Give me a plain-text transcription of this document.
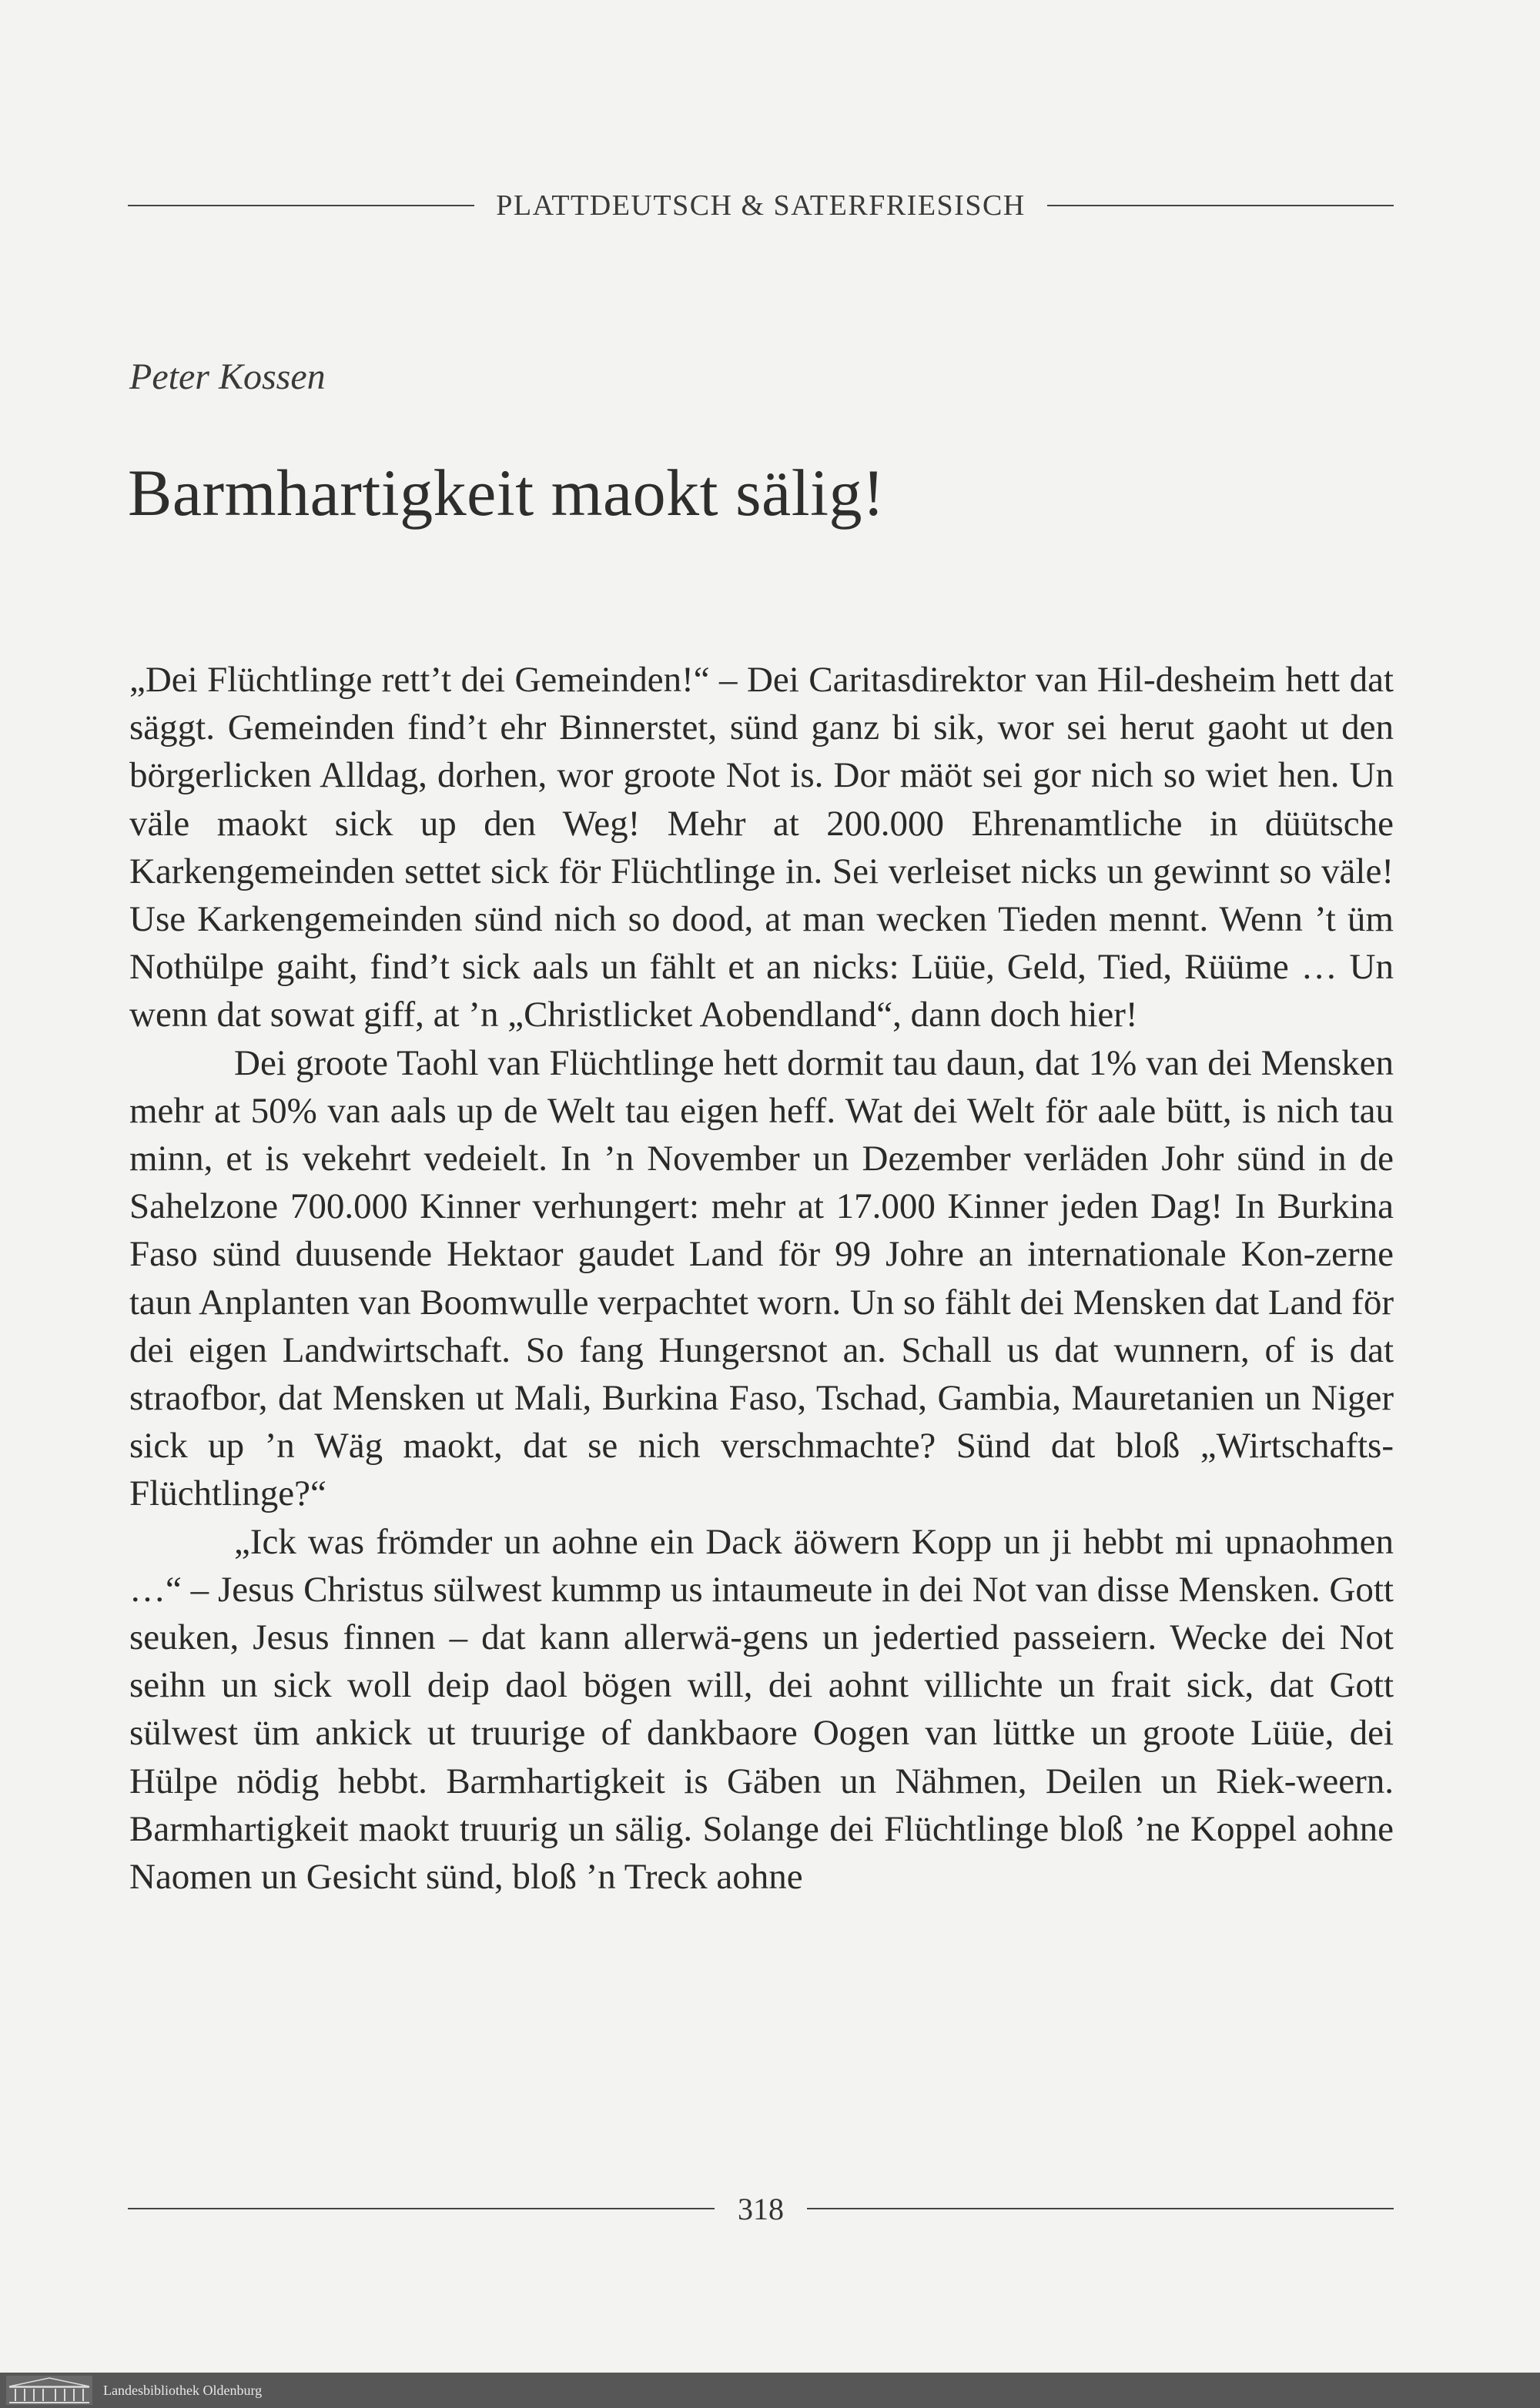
PLATTDEUTSCH & SATERFRIESISCH
Peter Kossen
Barmhartigkeit maokt sälig!

„Dei Flüchtlinge rett’t dei Gemeinden!“ – Dei Caritasdirektor van Hil-desheim hett dat säggt. Gemeinden find’t ehr Binnerstet, sünd ganz bi sik, wor sei herut gaoht ut den börgerlicken Alldag, dorhen, wor groote Not is. Dor mäöt sei gor nich so wiet hen. Un väle maokt sick up den Weg! Mehr at 200.000 Ehrenamtliche in düütsche Karkengemeinden settet sick för Flüchtlinge in. Sei verleiset nicks un gewinnt so väle! Use Karkengemeinden sünd nich so dood, at man wecken Tieden mennt. Wenn ’t üm Nothülpe gaiht, find’t sick aals un fählt et an nicks: Lüüe, Geld, Tied, Rüüme … Un wenn dat sowat giff, at ’n „Christlicket Aobendland“, dann doch hier!

Dei groote Taohl van Flüchtlinge hett dormit tau daun, dat 1% van dei Mensken mehr at 50% van aals up de Welt tau eigen heff. Wat dei Welt för aale bütt, is nich tau minn, et is vekehrt vedeielt. In ’n November un Dezember verläden Johr sünd in de Sahelzone 700.000 Kinner verhungert: mehr at 17.000 Kinner jeden Dag! In Burkina Faso sünd duusende Hektaor gaudet Land för 99 Johre an internationale Kon-zerne taun Anplanten van Boomwulle verpachtet worn. Un so fählt dei Mensken dat Land för dei eigen Landwirtschaft. So fang Hungersnot an. Schall us dat wunnern, of is dat straofbor, dat Mensken ut Mali, Burkina Faso, Tschad, Gambia, Mauretanien un Niger sick up ’n Wäg maokt, dat se nich verschmachte? Sünd dat bloß „Wirtschafts-Flüchtlinge?“

„Ick was frömder un aohne ein Dack äöwern Kopp un ji hebbt mi upnaohmen …“ – Jesus Christus sülwest kummp us intaumeute in dei Not van disse Mensken. Gott seuken, Jesus finnen – dat kann allerwä-gens un jedertied passeiern. Wecke dei Not seihn un sick woll deip daol bögen will, dei aohnt villichte un frait sick, dat Gott sülwest üm ankick ut truurige of dankbaore Oogen van lüttke un groote Lüüe, dei Hülpe nödig hebbt. Barmhartigkeit is Gäben un Nähmen, Deilen un Riek-weern. Barmhartigkeit maokt truurig un sälig. Solange dei Flüchtlinge bloß ’ne Koppel aohne Naomen un Gesicht sünd, bloß ’n Treck aohne

318
Landesbibliothek Oldenburg
